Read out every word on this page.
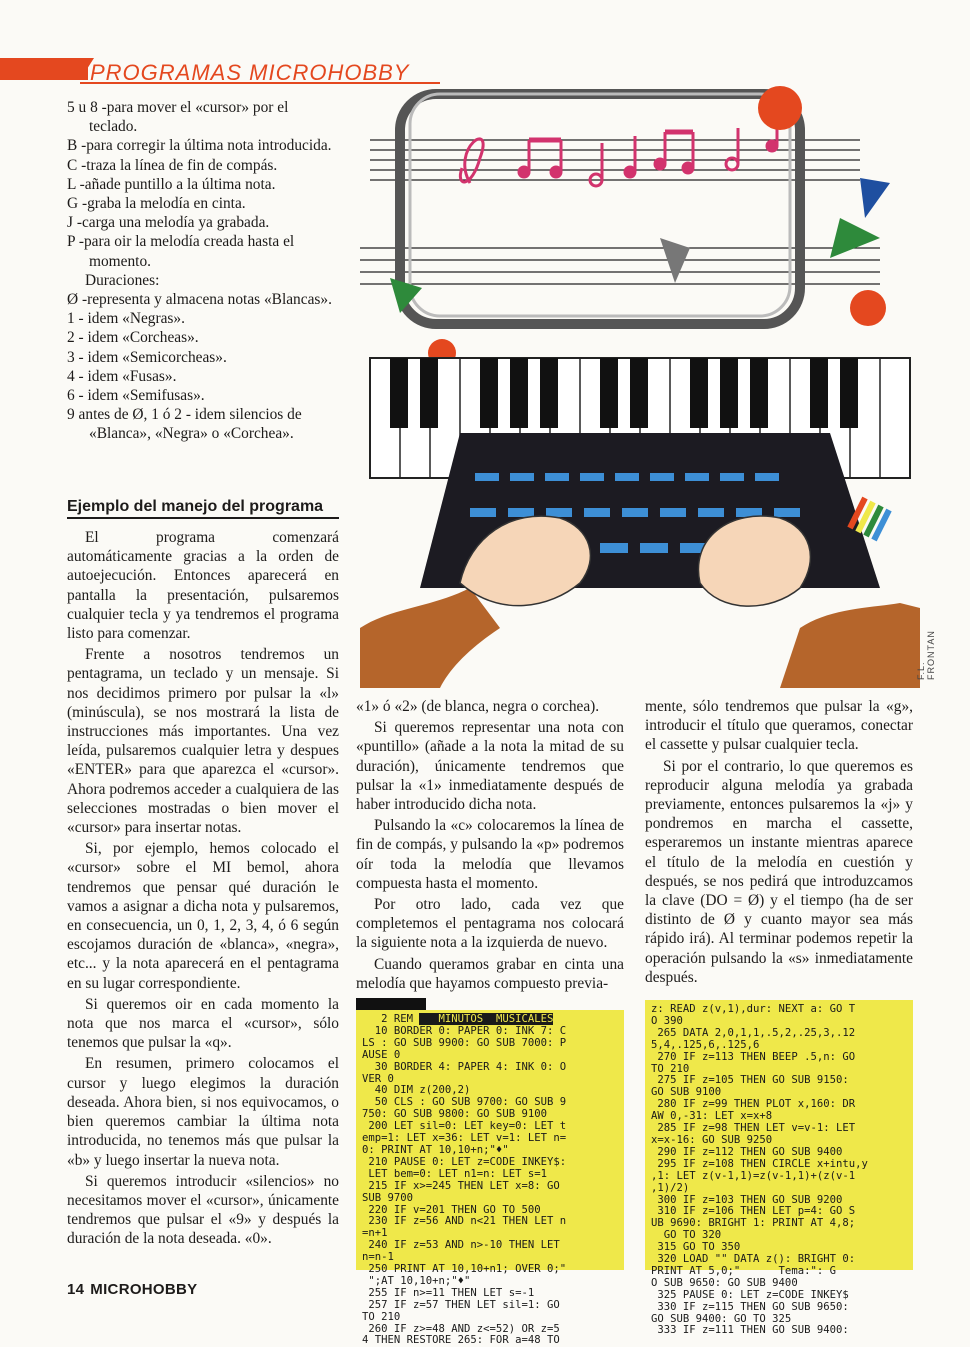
PROGRAMAS MICROHOBBY
5 u 8 -para mover el «cursor» por el teclado.
B -para corregir la última nota introducida.
C -traza la línea de fin de compás.
L -añade puntillo a la última nota.
G -graba la melodía en cinta.
J -carga una melodía ya grabada.
P -para oir la melodía creada hasta el momento.
Duraciones:
Ø -representa y almacena notas «Blancas».
1 - idem «Negras».
2 - idem «Corcheas».
3 - idem «Semicorcheas».
4 - idem «Fusas».
6 - idem «Semifusas».
9 antes de Ø, 1 ó 2 - idem silencios de «Blanca», «Negra» o «Corchea».
Ejemplo del manejo del programa

El programa comenzará automáticamente gracias a la orden de autoejecución. Entonces aparecerá en pantalla la presentación, pulsaremos cualquier tecla y ya tendremos el programa listo para comenzar.

Frente a nosotros tendremos un pentagrama, un teclado y un mensaje. Si nos decidimos primero por pulsar la «l» (minúscula), se nos mostrará la lista de instrucciones más importantes. Una vez leída, pulsaremos cualquier letra y despues «ENTER» para que aparezca el «cursor». Ahora podremos acceder a cualquiera de las selecciones mostradas o bien mover el «cursor» para insertar notas.

Si, por ejemplo, hemos colocado el «cursor» sobre el MI bemol, ahora tendremos que pensar qué duración le vamos a asignar a dicha nota y pulsaremos, en consecuencia, un 0, 1, 2, 3, 4, ó 6 según escojamos duración de «blanca», «negra», etc... y la nota aparecerá en el pentagrama en su lugar correspondiente.

Si queremos oir en cada momento la nota que nos marca el «cursor», sólo tenemos que pulsar la «q».

En resumen, primero colocamos el cursor y luego elegimos la duración deseada. Ahora bien, si nos equivocamos, o bien queremos cambiar la última nota introducida, no tenemos más que pulsar la «b» y luego insertar la nueva nota.

Si queremos introducir «silencios» no necesitamos mover el «cursor», únicamente tendremos que pulsar el «9» y después la duración de la nota deseada. «0».

«1» ó «2» (de blanca, negra o corchea).

Si queremos representar una nota con «puntillo» (añade a la nota la mitad de su duración), únicamente tendremos que pulsar la «1» inmediatamente después de haber introducido dicha nota.

Pulsando la «c» colocaremos la línea de fin de compás, y pulsando la «p» podremos oír toda la melodía que llevamos compuesta hasta el momento.

Por otro lado, cada vez que completemos el pentagrama nos colocará la siguiente nota a la izquierda de nuevo.

Cuando queramos grabar en cinta una melodía que hayamos compuesto previa-

mente, sólo tendremos que pulsar la «g», introducir el título que queramos, conectar el cassette y pulsar cualquier tecla.

Si por el contrario, lo que queremos es reproducir alguna melodía ya grabada previamente, entonces pulsaremos la «j» y pondremos en marcha el cassette, esperaremos un instante mientras aparece el título de la melodía en cuestión y después, se nos pedirá que introduzcamos la clave (DO = Ø) y el tiempo (ha de ser distinto de Ø y cuanto mayor sea más rápido irá). Al terminar podemos repetir la operación pulsando la «s» inmediatamente después.

F.L. FRONTAN
2 REM    MINUTOS  MUSICALES
10 BORDER 0: PAPER 0: INK 7: C
LS : GO SUB 9900: GO SUB 7000: P
AUSE 0
30 BORDER 4: PAPER 4: INK 0: O
VER 0
40 DIM z(200,2)
50 CLS : GO SUB 9700: GO SUB 9
750: GO SUB 9800: GO SUB 9100
200 LET sil=0: LET key=0: LET t
emp=1: LET x=36: LET v=1: LET n=
0: PRINT AT 10,10+n;"♦"
210 PAUSE 0: LET z=CODE INKEY$:
LET bem=0: LET n1=n: LET s=1
215 IF x>=245 THEN LET x=8: GO
SUB 9700
220 IF v=201 THEN GO TO 500
230 IF z=56 AND n<21 THEN LET n
=n+1
240 IF z=53 AND n>-10 THEN LET
n=n-1
250 PRINT AT 10,10+n1; OVER 0;"
";AT 10,10+n;"♦"
255 IF n>=11 THEN LET s=-1
257 IF z=57 THEN LET sil=1: GO
TO 210
260 IF z>=48 AND z<=52) OR z=5
4 THEN RESTORE 265: FOR a=48 TO
z: READ z(v,1),dur: NEXT a: GO T
O 390
265 DATA 2,0,1,1,.5,2,.25,3,.12
5,4,.125,6,.125,6
270 IF z=113 THEN BEEP .5,n: GO
TO 210
275 IF z=105 THEN GO SUB 9150:
GO SUB 9100
280 IF z=99 THEN PLOT x,160: DR
AW 0,-31: LET x=x+8
285 IF z=98 THEN LET v=v-1: LET
x=x-16: GO SUB 9250
290 IF z=112 THEN GO SUB 9400
295 IF z=108 THEN CIRCLE x+intu,y
,1: LET z(v-1,1)=z(v-1,1)+(z(v-1
,1)/2)
300 IF z=103 THEN GO SUB 9200
310 IF z=106 THEN LET p=4: GO S
UB 9690: BRIGHT 1: PRINT AT 4,8;
GO TO 320
315 GO TO 350
320 LOAD "" DATA z(): BRIGHT 0:
PRINT AT 5,0;"      Tema:": G
O SUB 9650: GO SUB 9400
325 PAUSE 0: LET z=CODE INKEY$
330 IF z=115 THEN GO SUB 9650:
GO SUB 9400: GO TO 325
333 IF z=111 THEN GO SUB 9400:
14 MICROHOBBY
